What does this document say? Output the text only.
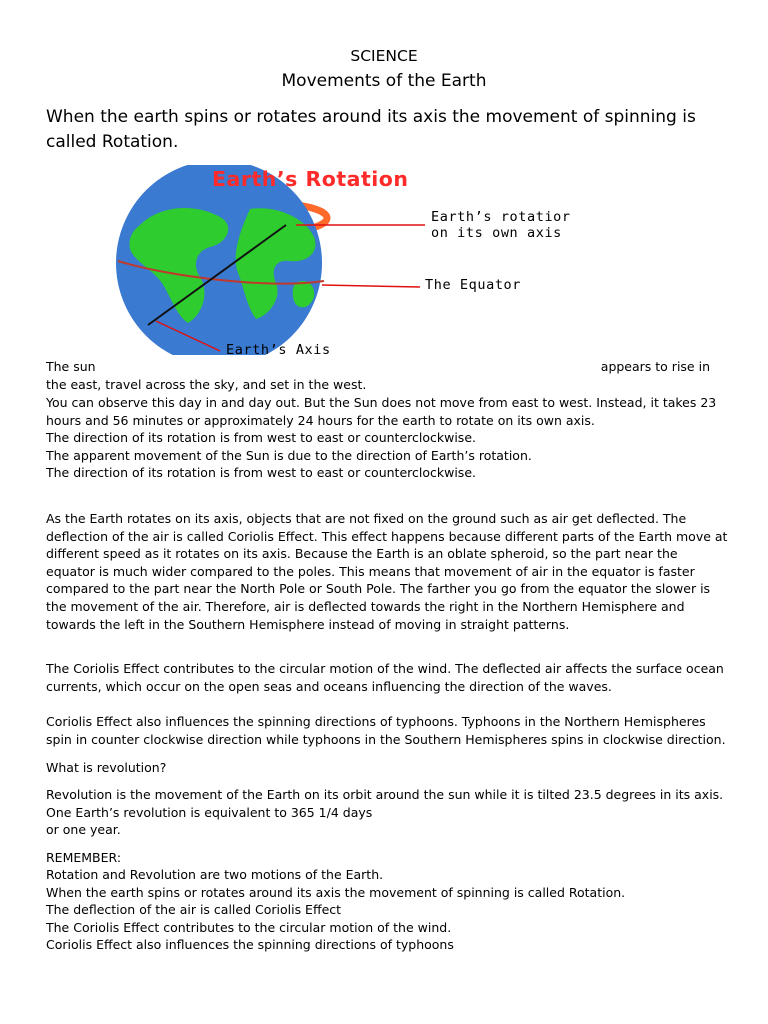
SCIENCE
Movements of the Earth

When the earth spins or rotates around its axis the movement of spinning is called Rotation.

Earth’s Rotation
Earth’s rotatior
on its own axis
The Equator
Earth’s Axis
The sun	appears to rise in

the east, travel across the sky, and set in the west.

You can observe this day in and day out. But the Sun does not move from east to west. Instead, it takes 23 hours and 56 minutes or approximately 24 hours for the earth to rotate on its own axis.

The direction of its rotation is from west to east or counterclockwise.

The apparent movement of the Sun is due to the direction of Earth’s rotation.

The direction of its rotation is from west to east or counterclockwise.

As the Earth rotates on its axis, objects that are not fixed on the ground such as air get deflected. The deflection of the air is called Coriolis Effect. This effect happens because different parts of the Earth move at different speed as it rotates on its axis. Because the Earth is an oblate spheroid, so the part near the equator is much wider compared to the poles. This means that movement of air in the equator is faster compared to the part near the North Pole or South Pole. The farther you go from the equator the slower is the movement of the air. Therefore, air is deflected towards the right in the Northern Hemisphere and towards the left in the Southern Hemisphere instead of moving in straight patterns.

The Coriolis Effect contributes to the circular motion of the wind. The deflected air affects the surface ocean currents, which occur on the open seas and oceans influencing the direction of the waves.

Coriolis Effect also influences the spinning directions of typhoons. Typhoons in the Northern Hemispheres spin in counter clockwise direction while typhoons in the Southern Hemispheres spins in clockwise direction.

What is revolution?

Revolution is the movement of the Earth on its orbit around the sun while it is tilted 23.5 degrees in its axis. One Earth’s revolution is equivalent to 365 1/4 days

or one year.

REMEMBER:

Rotation and Revolution are two motions of the Earth.

When the earth spins or rotates around its axis the movement of spinning is called Rotation.

The deflection of the air is called Coriolis Effect

The Coriolis Effect contributes to the circular motion of the wind.

Coriolis Effect also influences the spinning directions of typhoons
